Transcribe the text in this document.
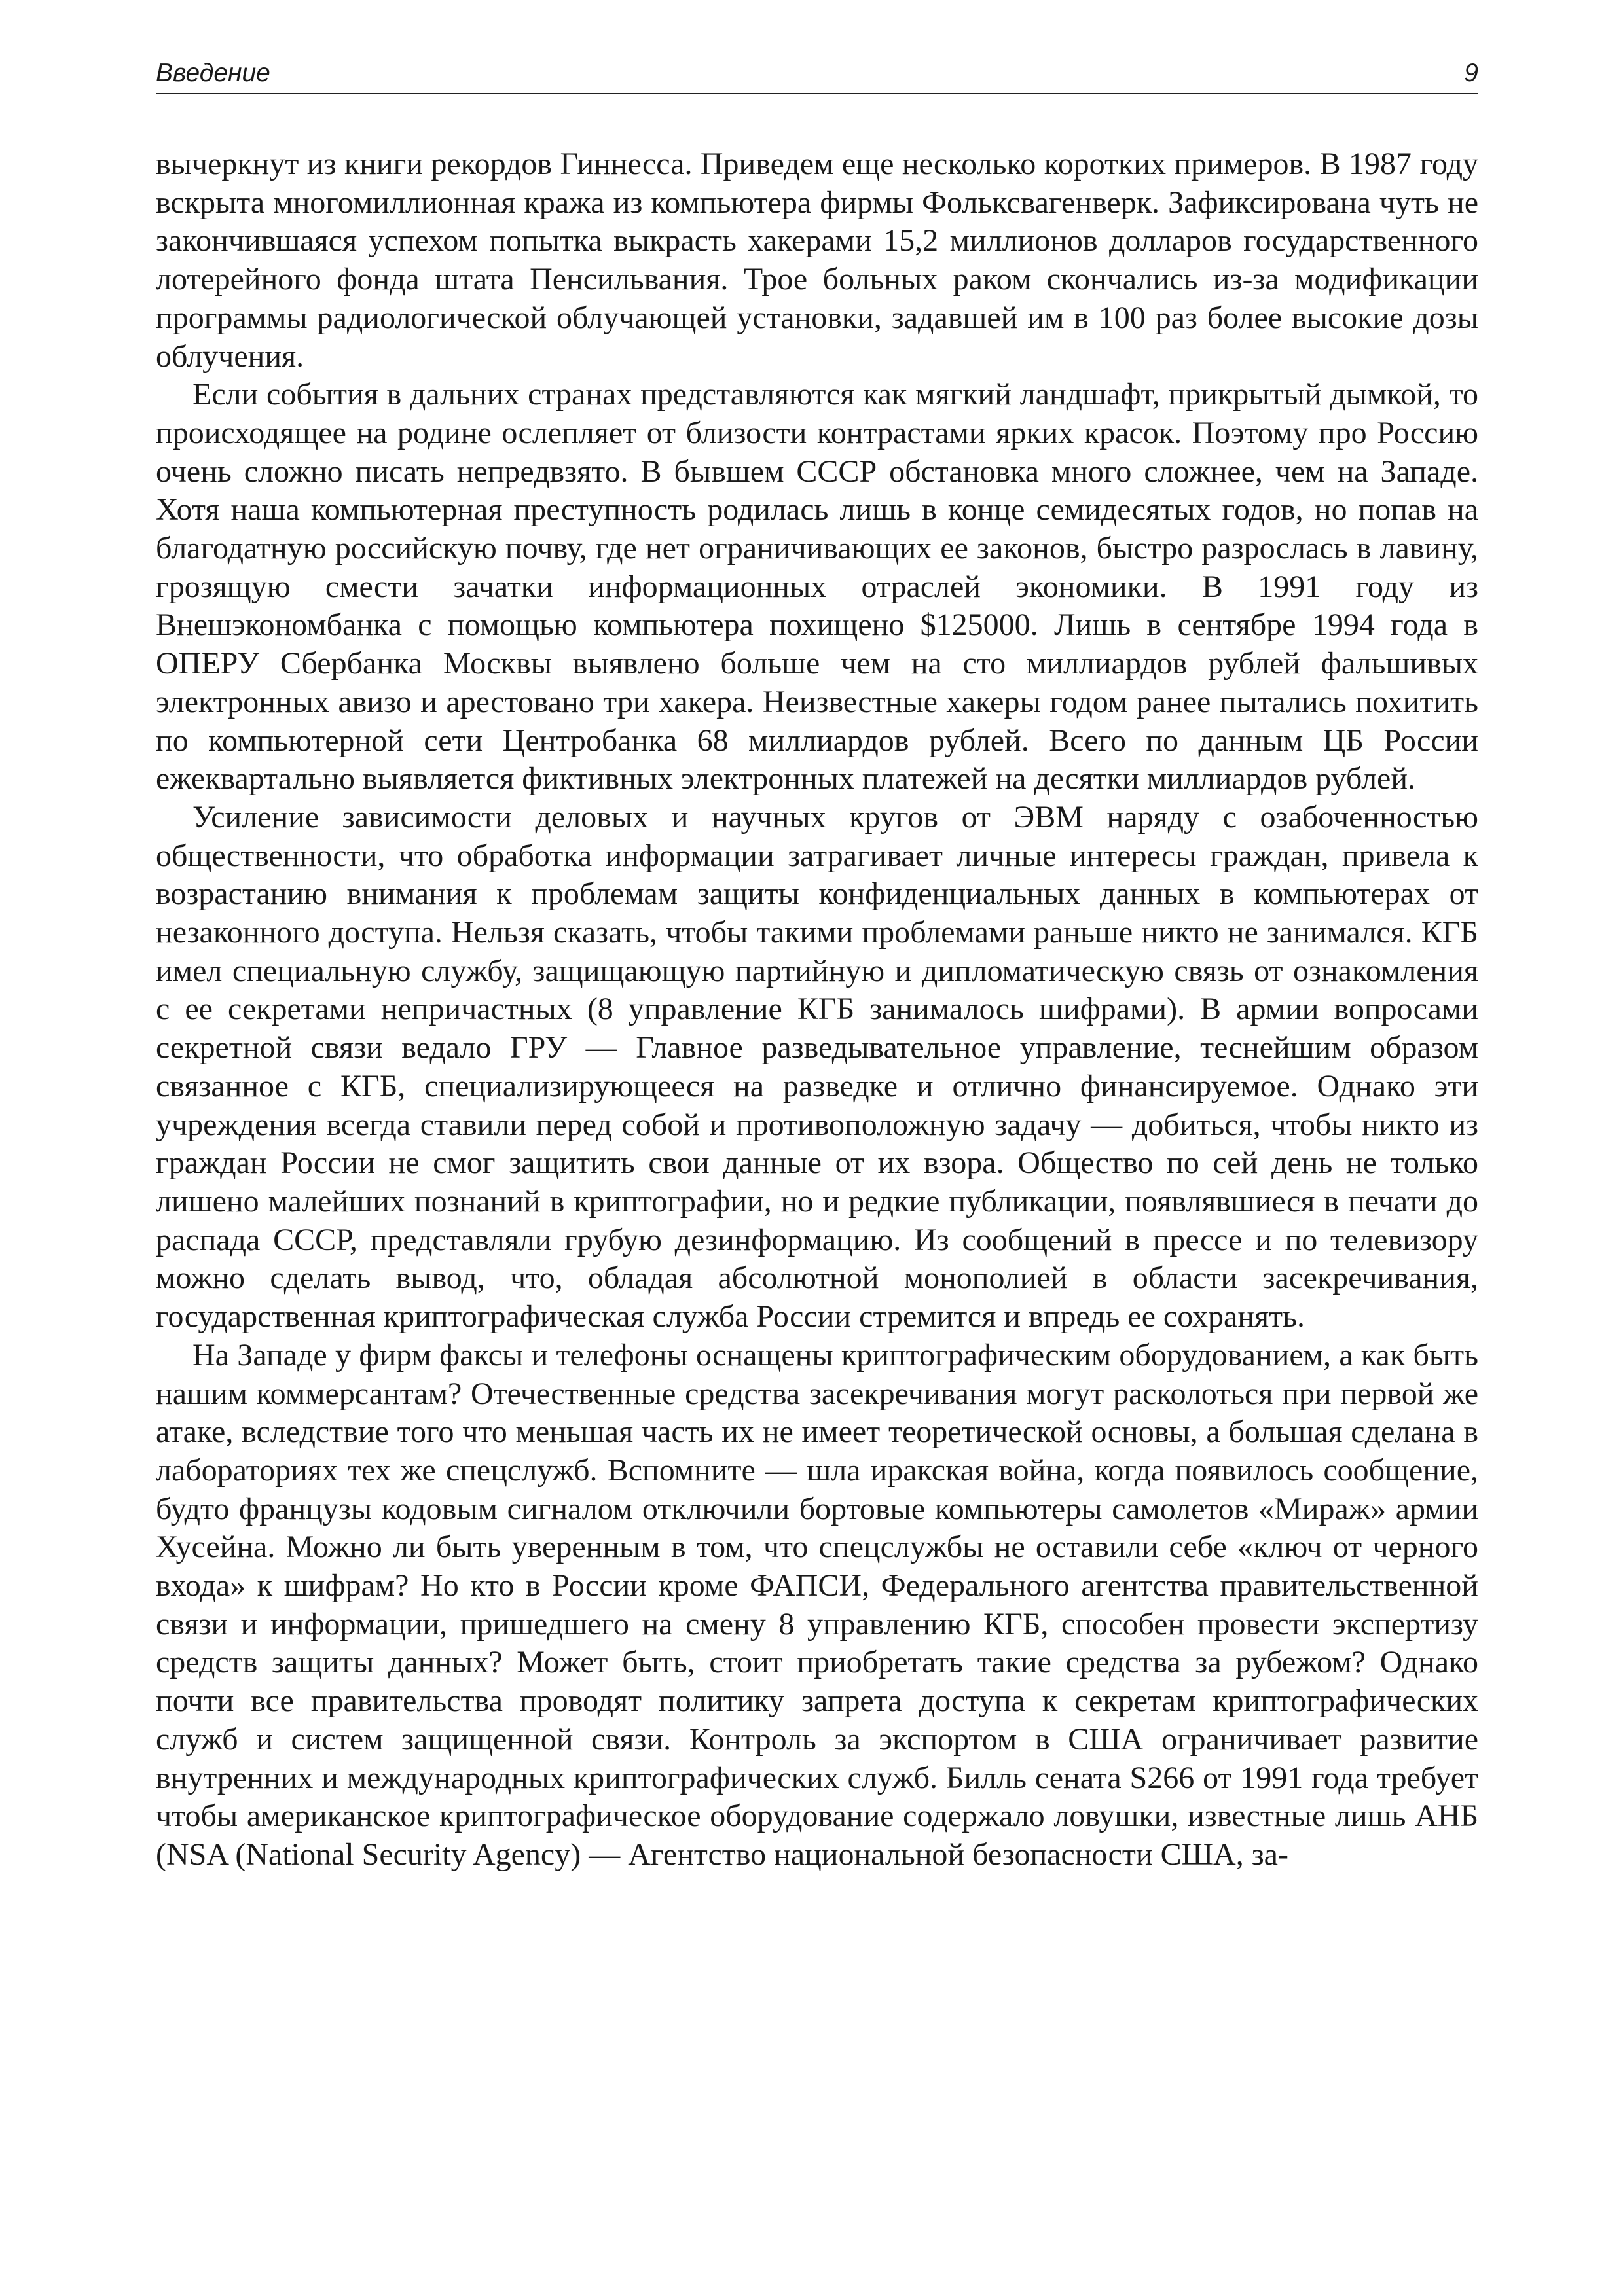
Введение	9

вычеркнут из книги рекордов Гиннесса. Приведем еще несколько коротких примеров. В 1987 году вскрыта многомиллионная кража из компьютера фирмы Фольксвагенверк. Зафиксирована чуть не закончившаяся успехом попытка выкрасть хакерами 15,2 миллионов долларов государственного лотерейного фонда штата Пенсильвания. Трое больных раком скончались из-за модификации программы радиологической облучающей установки, задавшей им в 100 раз более высокие дозы облучения.

Если события в дальних странах представляются как мягкий ландшафт, прикрытый дымкой, то происходящее на родине ослепляет от близости контрастами ярких красок. Поэтому про Россию очень сложно писать непредвзято. В бывшем СССР обстановка много сложнее, чем на Западе. Хотя наша компьютерная преступность родилась лишь в конце семидесятых годов, но попав на благодатную российскую почву, где нет ограничивающих ее законов, быстро разрослась в лавину, грозящую смести зачатки информационных отраслей экономики. В 1991 году из Внешэкономбанка с помощью компьютера похищено $125000. Лишь в сентябре 1994 года в ОПЕРУ Сбербанка Москвы выявлено больше чем на сто миллиардов рублей фальшивых электронных авизо и арестовано три хакера. Неизвестные хакеры годом ранее пытались похитить по компьютерной сети Центробанка 68 миллиардов рублей. Всего по данным ЦБ России ежеквартально выявляется фиктивных электронных платежей на десятки миллиардов рублей.

Усиление зависимости деловых и научных кругов от ЭВМ наряду с озабоченностью общественности, что обработка информации затрагивает личные интересы граждан, привела к возрастанию внимания к проблемам защиты конфиденциальных данных в компьютерах от незаконного доступа. Нельзя сказать, чтобы такими проблемами раньше никто не занимался. КГБ имел специальную службу, защищающую партийную и дипломатическую связь от ознакомления с ее секретами непричастных (8 управление КГБ занималось шифрами). В армии вопросами секретной связи ведало ГРУ — Главное разведывательное управление, теснейшим образом связанное с КГБ, специализирующееся на разведке и отлично финансируемое. Однако эти учреждения всегда ставили перед собой и противоположную задачу — добиться, чтобы никто из граждан России не смог защитить свои данные от их взора. Общество по сей день не только лишено малейших познаний в криптографии, но и редкие публикации, появлявшиеся в печати до распада СССР, представляли грубую дезинформацию. Из сообщений в прессе и по телевизору можно сделать вывод, что, обладая абсолютной монополией в области засекречивания, государственная криптографическая служба России стремится и впредь ее сохранять.

На Западе у фирм факсы и телефоны оснащены криптографическим оборудованием, а как быть нашим коммерсантам? Отечественные средства засекречивания могут расколоться при первой же атаке, вследствие того что меньшая часть их не имеет теоретической основы, а большая сделана в лабораториях тех же спецслужб. Вспомните — шла иракская война, когда появилось сообщение, будто французы кодовым сигналом отключили бортовые компьютеры самолетов «Мираж» армии Хусейна. Можно ли быть уверенным в том, что спецслужбы не оставили себе «ключ от черного входа» к шифрам? Но кто в России кроме ФАПСИ, Федерального агентства правительственной связи и информации, пришедшего на смену 8 управлению КГБ, способен провести экспертизу средств защиты данных? Может быть, стоит приобретать такие средства за рубежом? Однако почти все правительства проводят политику запрета доступа к секретам криптографических служб и систем защищенной связи. Контроль за экспортом в США ограничивает развитие внутренних и международных криптографических служб. Билль сената S266 от 1991 года требует чтобы американское криптографическое оборудование содержало ловушки, известные лишь АНБ (NSA (National Security Agency) — Агентство национальной безопасности США, за-
